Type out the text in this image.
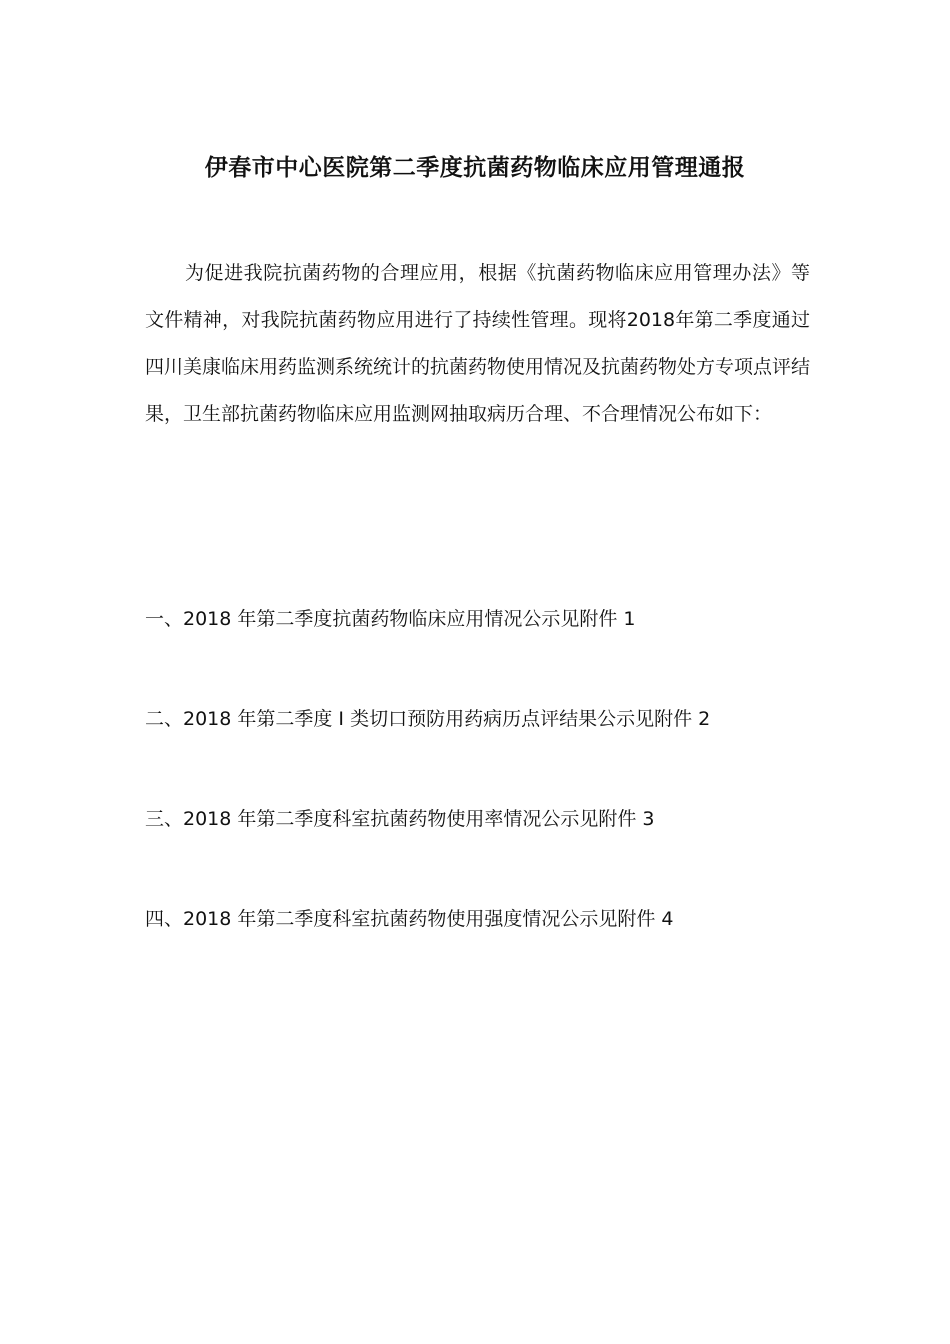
伊春市中心医院第二季度抗菌药物临床应用管理通报

为促进我院抗菌药物的合理应用，根据《抗菌药物临床应用管理办法》等文件精神，对我院抗菌药物应用进行了持续性管理。现将2018年第二季度通过四川美康临床用药监测系统统计的抗菌药物使用情况及抗菌药物处方专项点评结果，卫生部抗菌药物临床应用监测网抽取病历合理、不合理情况公布如下：

一、2018 年第二季度抗菌药物临床应用情况公示见附件 1

二、2018 年第二季度 I 类切口预防用药病历点评结果公示见附件 2

三、2018 年第二季度科室抗菌药物使用率情况公示见附件 3

四、2018 年第二季度科室抗菌药物使用强度情况公示见附件 4
